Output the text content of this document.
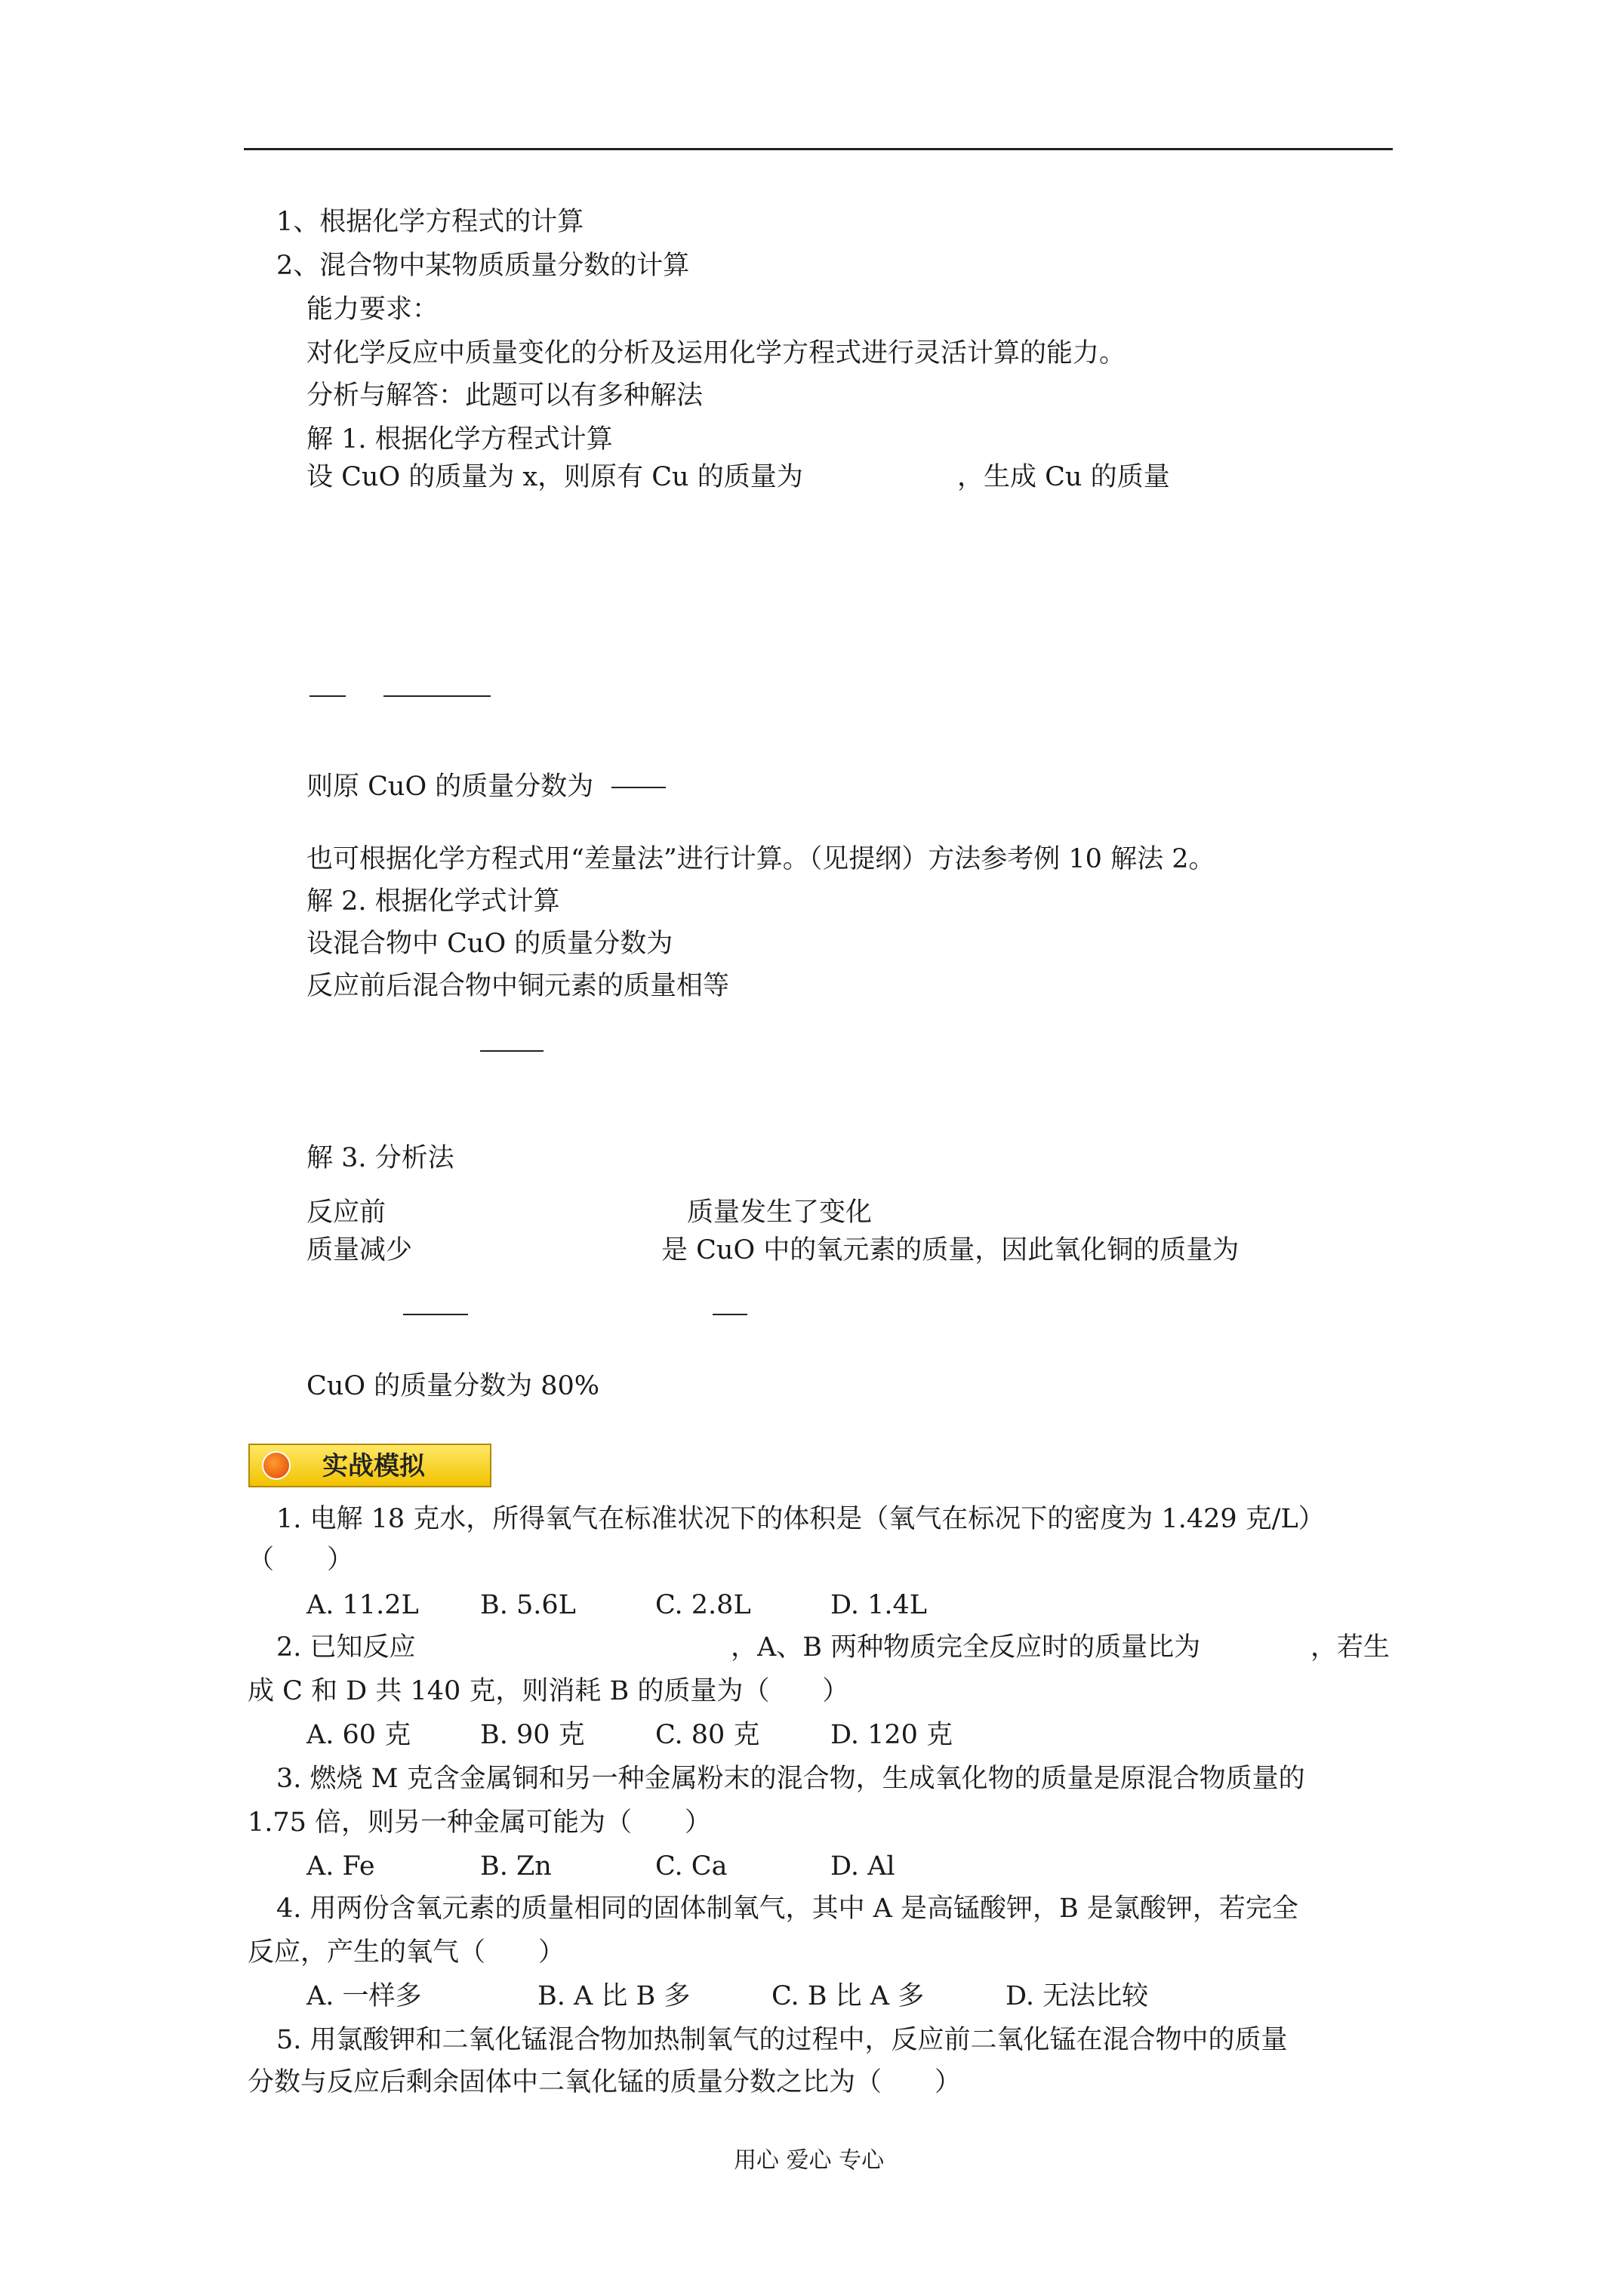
1、根据化学方程式的计算
2、混合物中某物质质量分数的计算
能力要求：
对化学反应中质量变化的分析及运用化学方程式进行灵活计算的能力。
分析与解答：此题可以有多种解法
解 1. 根据化学方程式计算
设 CuO 的质量为 x，则原有 Cu 的质量为	，生成 Cu 的质量
则原 CuO 的质量分数为
也可根据化学方程式用“差量法”进行计算。（见提纲）方法参考例 10 解法 2。
解 2. 根据化学式计算
设混合物中 CuO 的质量分数为
反应前后混合物中铜元素的质量相等
解 3. 分析法
反应前	质量发生了变化
质量减少	是 CuO 中的氧元素的质量，因此氧化铜的质量为
CuO 的质量分数为 80%
实战模拟
1. 电解 18 克水，所得氧气在标准状况下的体积是（氧气在标况下的密度为 1.429 克/L）
（　　）
A. 11.2L B. 5.6L	C. 2.8L	D. 1.4L
2. 已知反应	，A、B 两种物质完全反应时的质量比为	，若生
成 C 和 D 共 140 克，则消耗 B 的质量为（　　）
A. 60 克	B. 90 克	C. 80 克	D. 120 克
3. 燃烧 M 克含金属铜和另一种金属粉末的混合物，生成氧化物的质量是原混合物质量的
1.75 倍，则另一种金属可能为（　　）
A. Fe	B. Zn	C. Ca	D. Al
4. 用两份含氧元素的质量相同的固体制氧气，其中 A 是高锰酸钾，B 是氯酸钾，若完全
反应，产生的氧气（　　）
A. 一样多	B. A 比 B 多	C. B 比 A 多	D. 无法比较
5. 用氯酸钾和二氧化锰混合物加热制氧气的过程中，反应前二氧化锰在混合物中的质量
分数与反应后剩余固体中二氧化锰的质量分数之比为（　　）
用心 爱心 专心
